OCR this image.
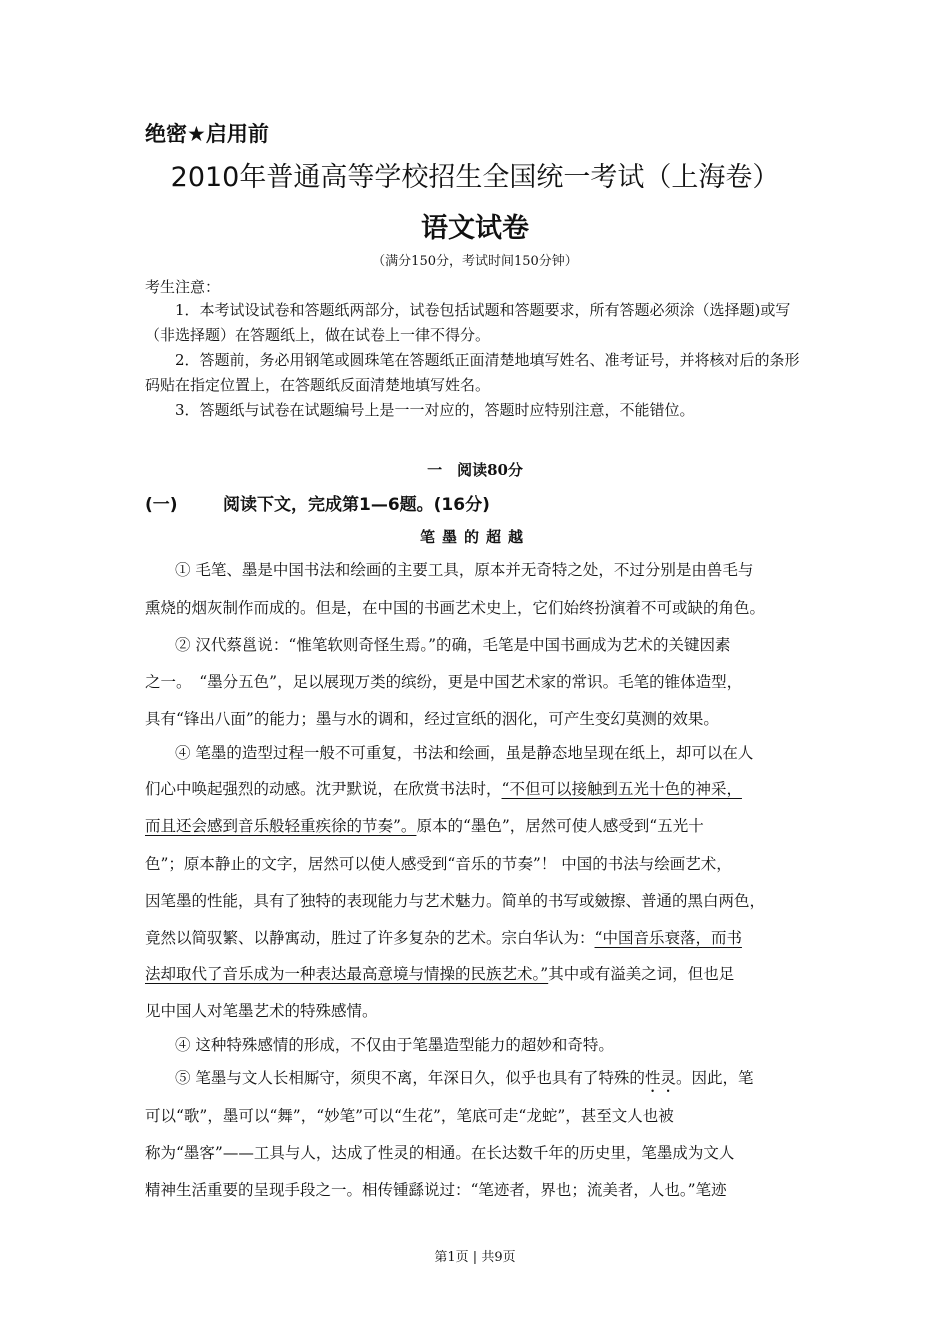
绝密★启用前
2010年普通高等学校招生全国统一考试（上海卷）
语文试卷
（满分150分，考试时间150分钟）
考生注意：

1．本考试设试卷和答题纸两部分，试卷包括试题和答题要求，所有答题必须涂（选择题)或写（非选择题）在答题纸上，做在试卷上一律不得分。

2．答题前，务必用钢笔或圆珠笔在答题纸正面清楚地填写姓名、准考证号，并将核对后的条形码贴在指定位置上，在答题纸反面清楚地填写姓名。

3．答题纸与试卷在试题编号上是一一对应的，答题时应特别注意，不能错位。

一　阅读80分
(一)	阅读下文，完成第1—6题。(16分)
笔墨的超越
① 毛笔、墨是中国书法和绘画的主要工具，原本并无奇特之处，不过分别是由兽毛与
熏烧的烟灰制作而成的。但是，在中国的书画艺术史上，它们始终扮演着不可或缺的角色。
② 汉代蔡邕说：“惟笔软则奇怪生焉。”的确，毛笔是中国书画成为艺术的关键因素
之一。　“墨分五色”，足以展现万类的缤纷，更是中国艺术家的常识。毛笔的锥体造型，
具有“锋出八面”的能力；墨与水的调和，经过宣纸的洇化，可产生变幻莫测的效果。
④ 笔墨的造型过程一般不可重复，书法和绘画，虽是静态地呈现在纸上，却可以在人
们心中唤起强烈的动感。沈尹默说，在欣赏书法时，“不但可以接触到五光十色的神采，
而且还会感到音乐般轻重疾徐的节奏”。原本的“墨色”，居然可使人感受到“五光十
色”；原本静止的文字，居然可以使人感受到“音乐的节奏”！ 中国的书法与绘画艺术，
因笔墨的性能，具有了独特的表现能力与艺术魅力。简单的书写或皴擦、普通的黑白两色，
竟然以简驭繁、以静寓动，胜过了许多复杂的艺术。宗白华认为：“中国音乐衰落，而书
法却取代了音乐成为一种表达最高意境与情操的民族艺术。”其中或有溢美之词，但也足
见中国人对笔墨艺术的特殊感情。
④ 这种特殊感情的形成，不仅由于笔墨造型能力的超妙和奇特。
⑤ 笔墨与文人长相厮守，须臾不离，年深日久，似乎也具有了特殊的性灵。因此，笔
可以“歌”，墨可以“舞”，“妙笔”可以“生花”，笔底可走“龙蛇”，甚至文人也被
称为“墨客”——工具与人，达成了性灵的相通。在长达数千年的历史里，笔墨成为文人
精神生活重要的呈现手段之一。相传锺繇说过：“笔迹者，界也；流美者，人也。”笔迹
第1页 | 共9页
